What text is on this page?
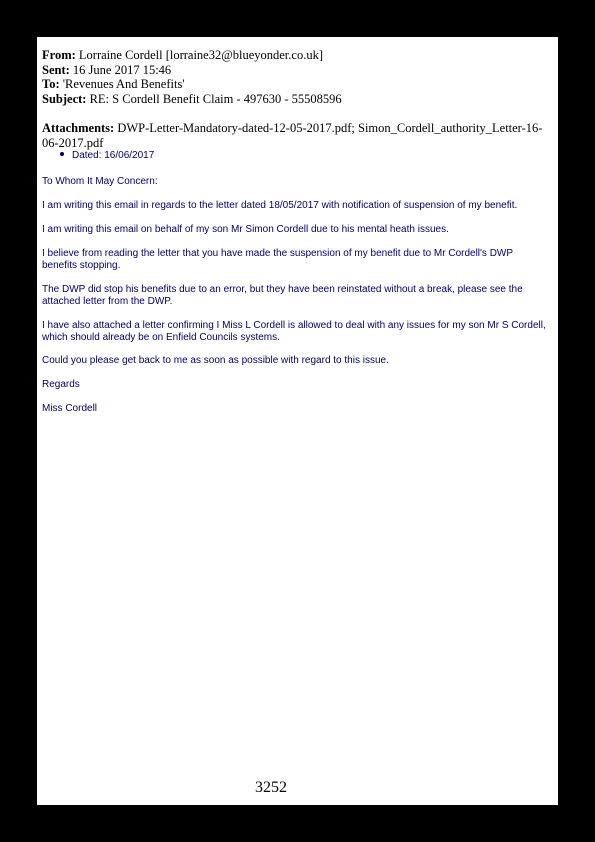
From: Lorraine Cordell [lorraine32@blueyonder.co.uk]
Sent: 16 June 2017 15:46
To: 'Revenues And Benefits'
Subject: RE: S Cordell Benefit Claim - 497630 - 55508596
Attachments: DWP-Letter-Mandatory-dated-12-05-2017.pdf; Simon_Cordell_authority_Letter-16-06-2017.pdf
Dated: 16/06/2017

To Whom It May Concern:

I am writing this email in regards to the letter dated 18/05/2017 with notification of suspension of my benefit.

I am writing this email on behalf of my son Mr Simon Cordell due to his mental heath issues.

I believe from reading the letter that you have made the suspension of my benefit due to Mr Cordell's DWP benefits stopping.

The DWP did stop his benefits due to an error, but they have been reinstated without a break, please see the attached letter from the DWP.

I have also attached a letter confirming I Miss L Cordell is allowed to deal with any issues for my son Mr S Cordell, which should already be on Enfield Councils systems.

Could you please get back to me as soon as possible with regard to this issue.

Regards

Miss Cordell

3252
